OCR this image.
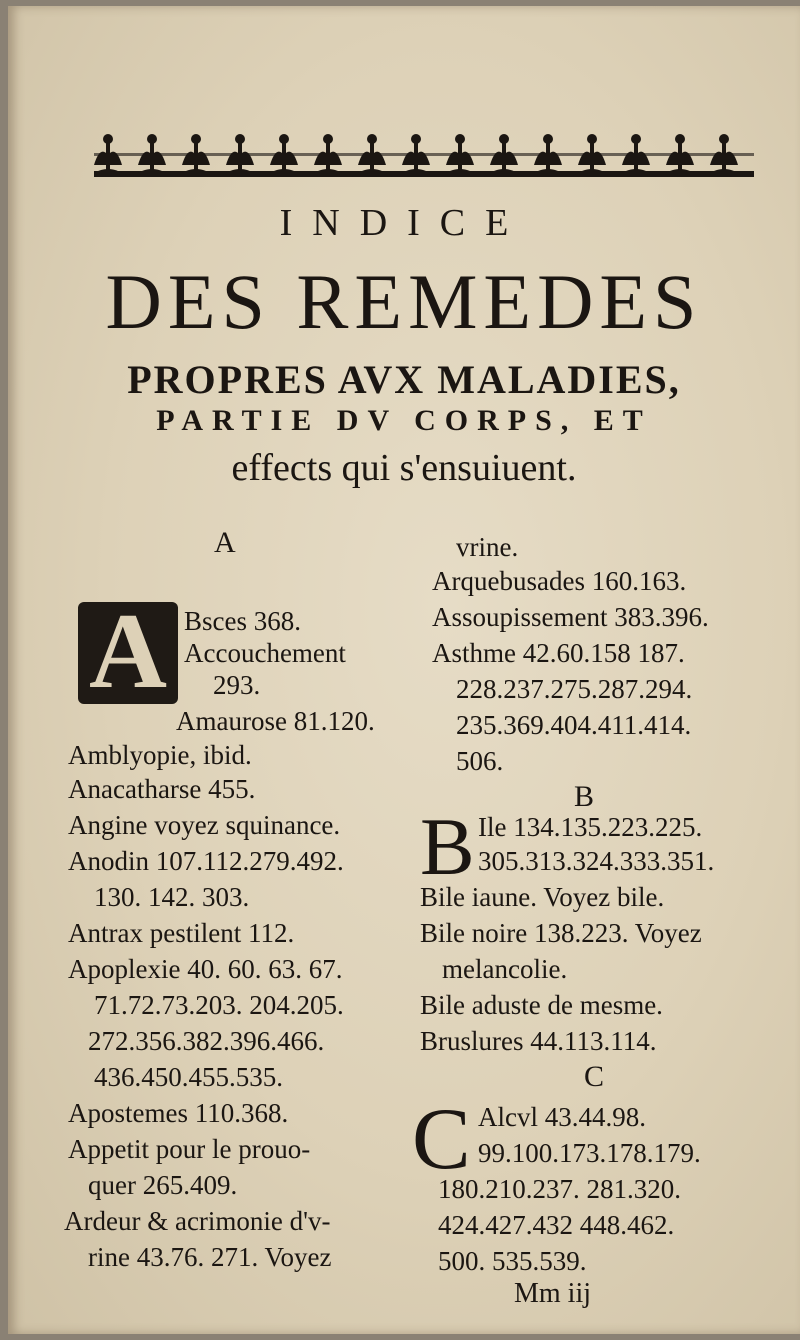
INDICE
DES REMEDES
PROPRES AVX MALADIES,
PARTIE DV CORPS, ET
effects qui s'ensuiuent.
A
A Bsces 368.
Accouchement
293.
Amaurose 81.120.
Amblyopie, ibid.
Anacatharse 455.
Angine voyez squinance.
Anodin 107.112.279.492.
130. 142. 303.
Antrax pestilent 112.
Apoplexie 40. 60. 63. 67.
71.72.73.203. 204.205.
272.356.382.396.466.
436.450.455.535.
Apostemes 110.368.
Appetit pour le prouo-
quer 265.409.
Ardeur & acrimonie d'v-
rine 43.76. 271. Voyez
vrine.
Arquebusades 160.163.
Assoupissement 383.396.
Asthme 42.60.158 187.
228.237.275.287.294.
235.369.404.411.414.
506.
B
B Ile 134.135.223.225.
305.313.324.333.351.
Bile iaune. Voyez bile.
Bile noire 138.223. Voyez
melancolie.
Bile aduste de mesme.
Bruslures 44.113.114.
C
C Alcvl 43.44.98.
99.100.173.178.179.
180.210.237. 281.320.
424.427.432 448.462.
500. 535.539.
Mm iij
